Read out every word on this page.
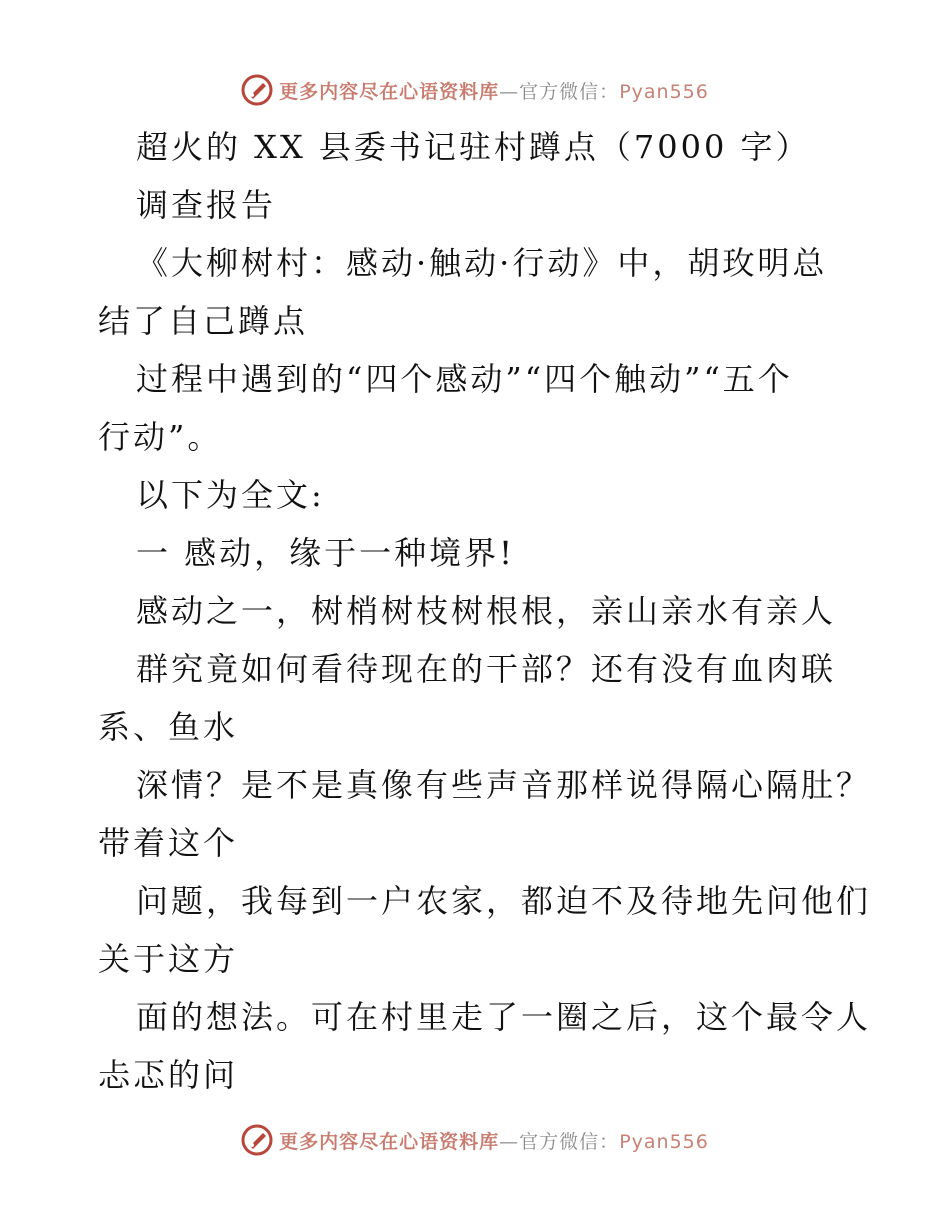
更多内容尽在心语资料库—官方微信：Pyan556
超火的 XX 县委书记驻村蹲点（7000 字）
调查报告
《大柳树村：感动·触动·行动》中，胡玫明总
结了自己蹲点
过程中遇到的“四个感动”“四个触动”“五个
行动”。
以下为全文:
一 感动，缘于一种境界!
感动之一，树梢树枝树根根，亲山亲水有亲人
群究竟如何看待现在的干部？还有没有血肉联
系、鱼水
深情？是不是真像有些声音那样说得隔心隔肚？
带着这个
问题，我每到一户农家，都迫不及待地先问他们
关于这方
面的想法。可在村里走了一圈之后，这个最令人
忐忑的问
更多内容尽在心语资料库—官方微信：Pyan556
